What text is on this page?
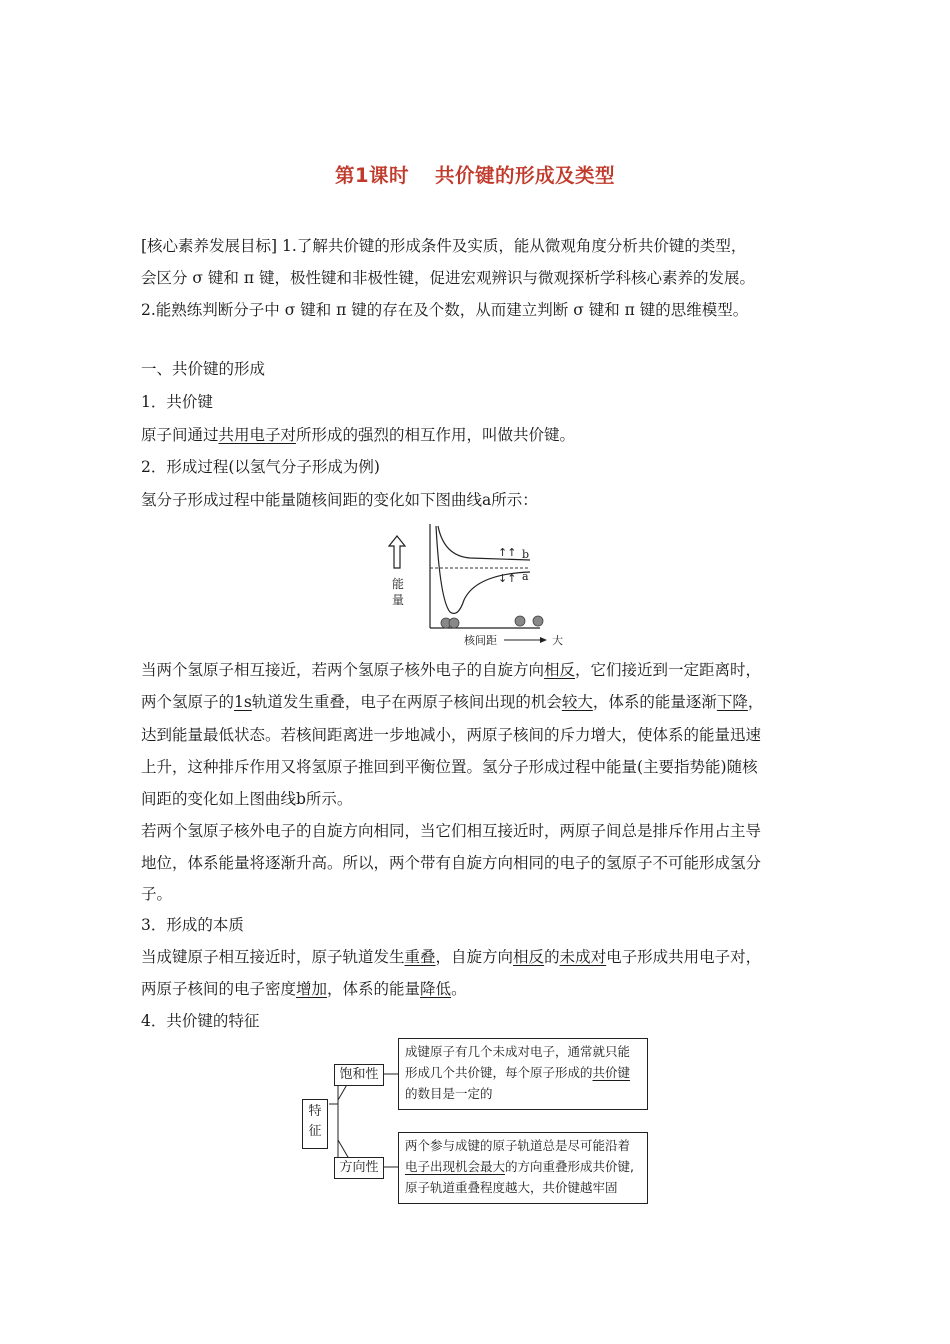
第1课时 共价键的形成及类型
[核心素养发展目标] 1.了解共价键的形成条件及实质，能从微观角度分析共价键的类型，
会区分 σ 键和 π 键，极性键和非极性键，促进宏观辨识与微观探析学科核心素养的发展。
2.能熟练判断分子中 σ 键和 π 键的存在及个数，从而建立判断 σ 键和 π 键的思维模型。
一、共价键的形成
1．共价键
原子间通过共用电子对所形成的强烈的相互作用，叫做共价键。
2．形成过程(以氢气分子形成为例)
氢分子形成过程中能量随核间距的变化如下图曲线a所示：
能
量
↑↑
↓↑
b
a
核间距	大
当两个氢原子相互接近，若两个氢原子核外电子的自旋方向相反，它们接近到一定距离时，
两个氢原子的1s轨道发生重叠，电子在两原子核间出现的机会较大，体系的能量逐渐下降，
达到能量最低状态。若核间距离进一步地减小，两原子核间的斥力增大，使体系的能量迅速
上升，这种排斥作用又将氢原子推回到平衡位置。氢分子形成过程中能量(主要指势能)随核
间距的变化如上图曲线b所示。
若两个氢原子核外电子的自旋方向相同，当它们相互接近时，两原子间总是排斥作用占主导
地位，体系能量将逐渐升高。所以，两个带有自旋方向相同的电子的氢原子不可能形成氢分
子。
3．形成的本质
当成键原子相互接近时，原子轨道发生重叠，自旋方向相反的未成对电子形成共用电子对，
两原子核间的电子密度增加，体系的能量降低。
4．共价键的特征
特征
饱和性
方向性
成键原子有几个未成对电子，通常就只能
形成几个共价键，每个原子形成的共价键
的数目是一定的
两个参与成键的原子轨道总是尽可能沿着
电子出现机会最大的方向重叠形成共价键,
原子轨道重叠程度越大，共价键越牢固
